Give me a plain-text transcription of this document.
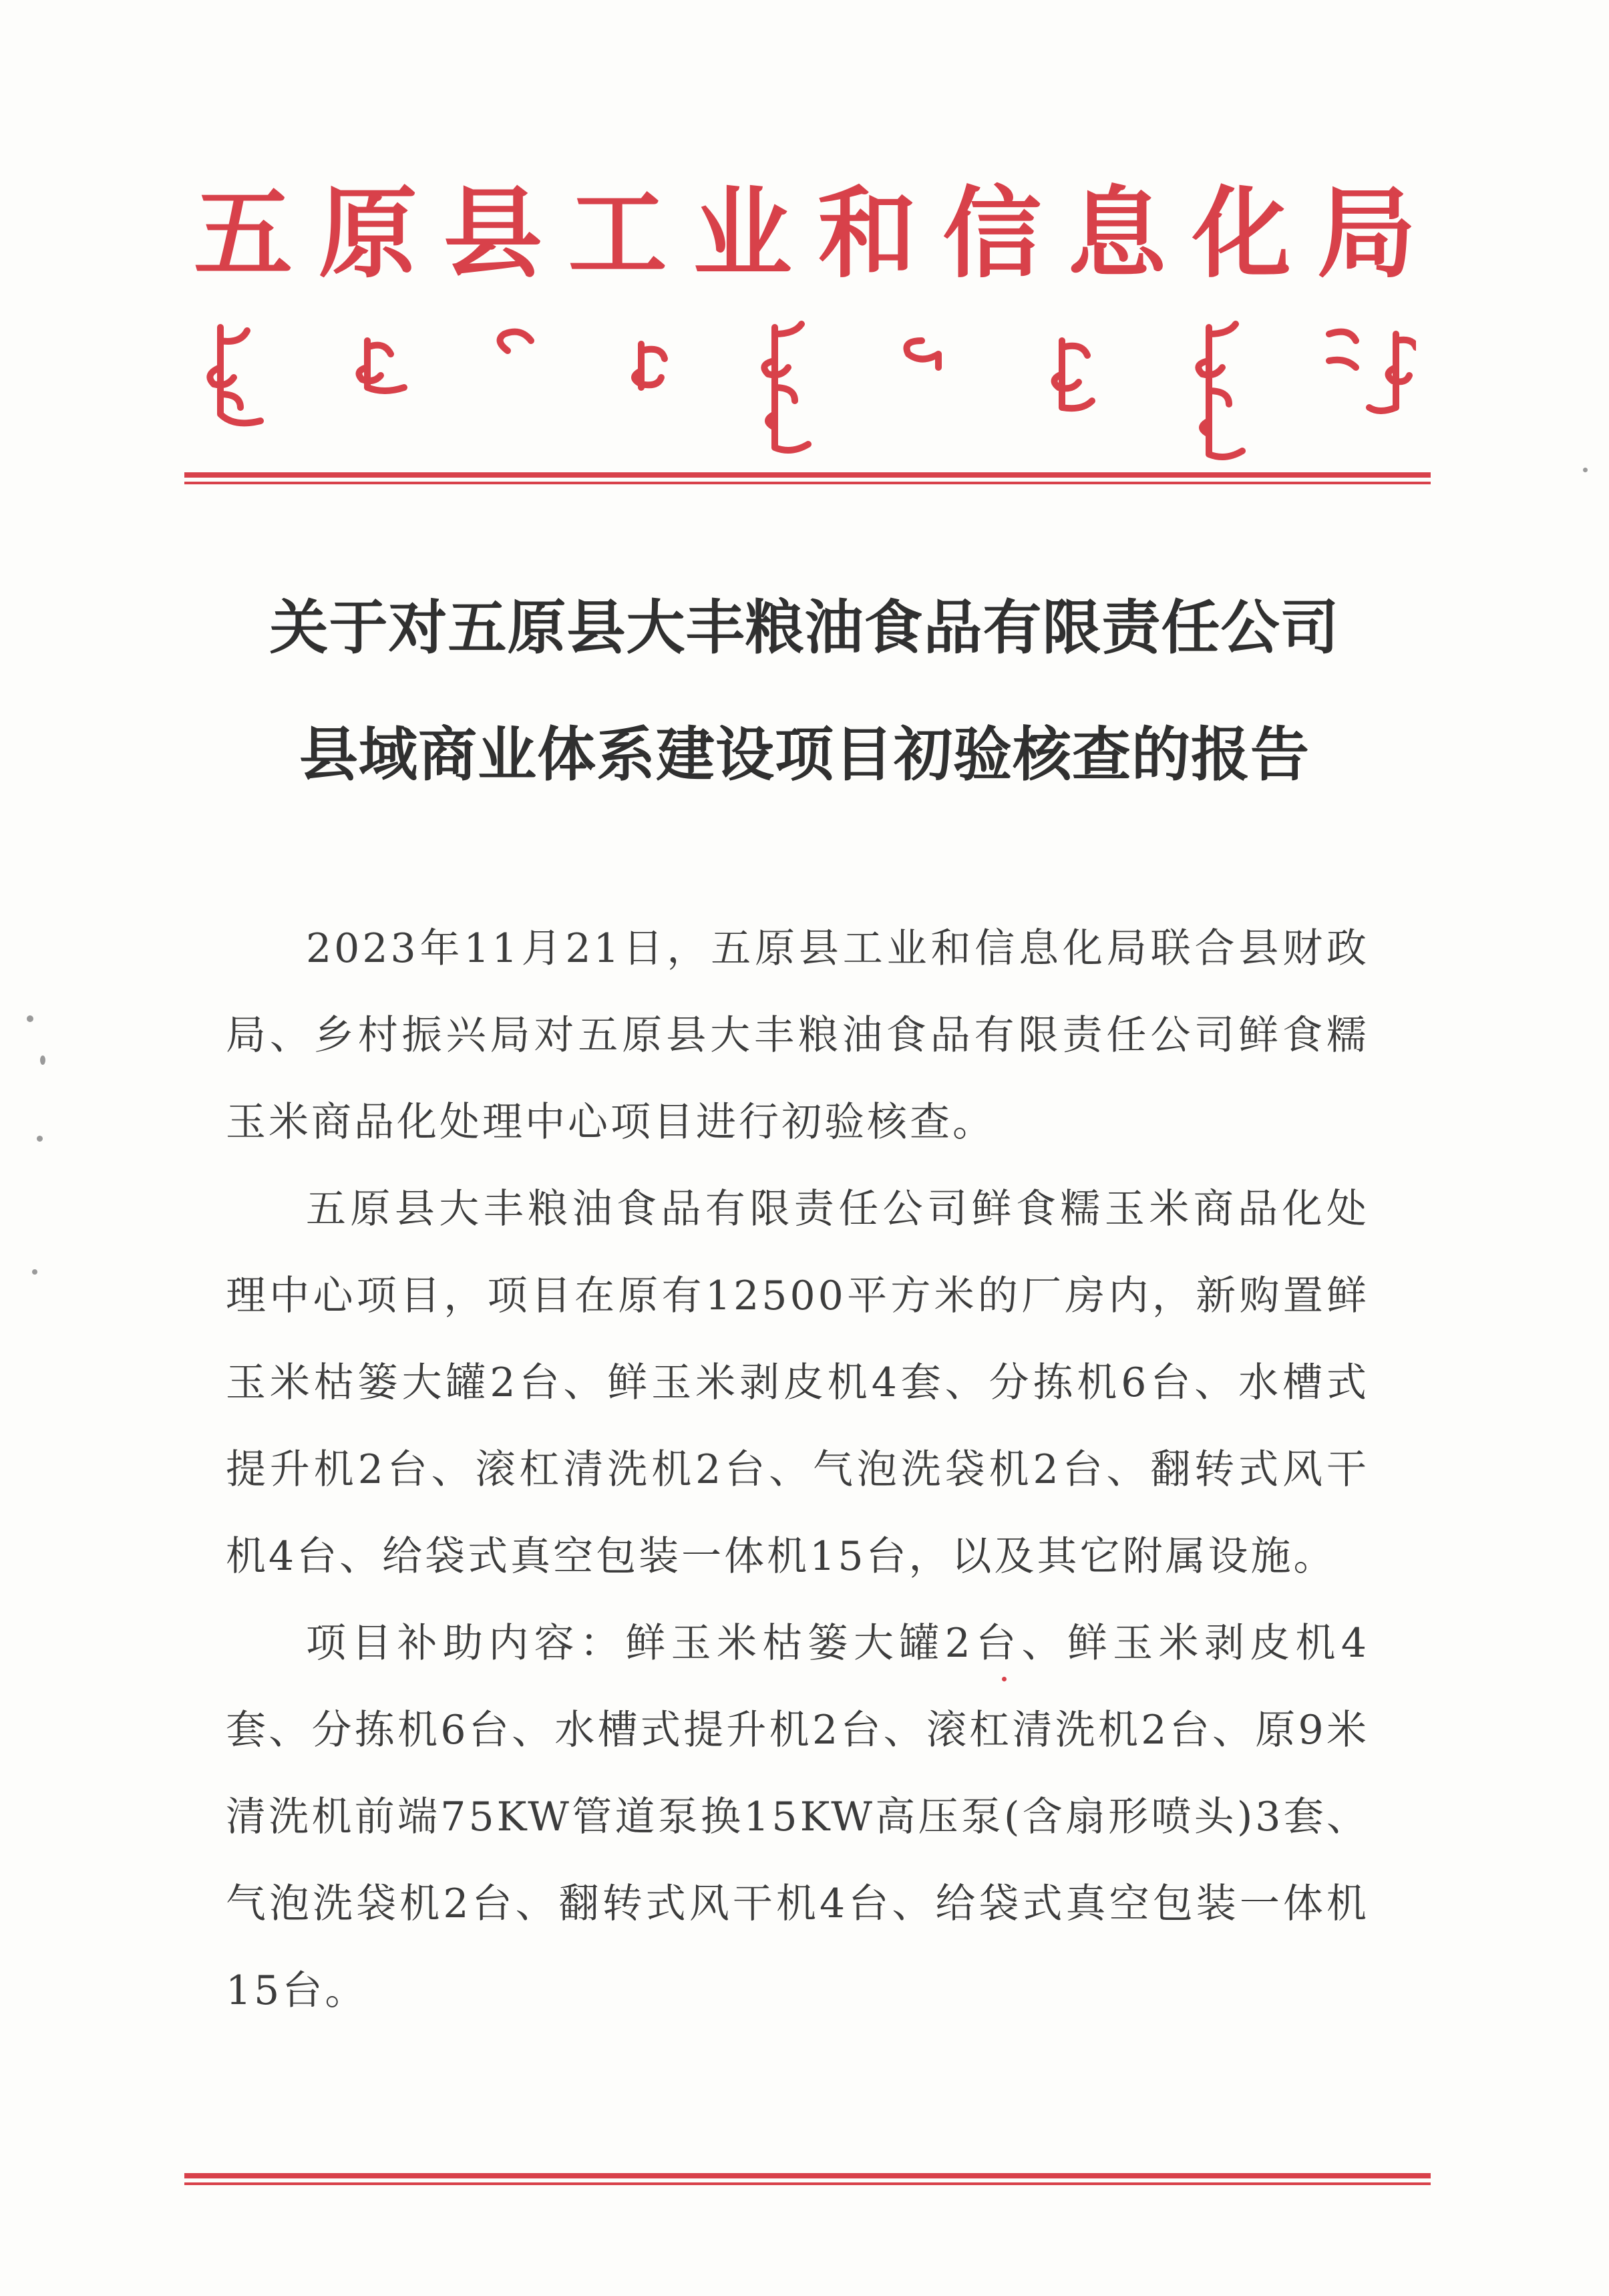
五 原 县 工 业 和 信 息 化 局
关于对五原县大丰粮油食品有限责任公司
县域商业体系建设项目初验核查的报告

2023年11月21日，五原县工业和信息化局联合县财政局、乡村振兴局对五原县大丰粮油食品有限责任公司鲜食糯玉米商品化处理中心项目进行初验核查。

五原县大丰粮油食品有限责任公司鲜食糯玉米商品化处理中心项目，项目在原有12500平方米的厂房内，新购置鲜玉米枯篓大罐2台、鲜玉米剥皮机4套、分拣机6台、水槽式提升机2台、滚杠清洗机2台、气泡洗袋机2台、翻转式风干机4台、给袋式真空包装一体机15台，以及其它附属设施。

项目补助内容：鲜玉米枯篓大罐2台、鲜玉米剥皮机4套、分拣机6台、水槽式提升机2台、滚杠清洗机2台、原9米清洗机前端75KW管道泵换15KW高压泵(含扇形喷头)3套、气泡洗袋机2台、翻转式风干机4台、给袋式真空包装一体机15台。
